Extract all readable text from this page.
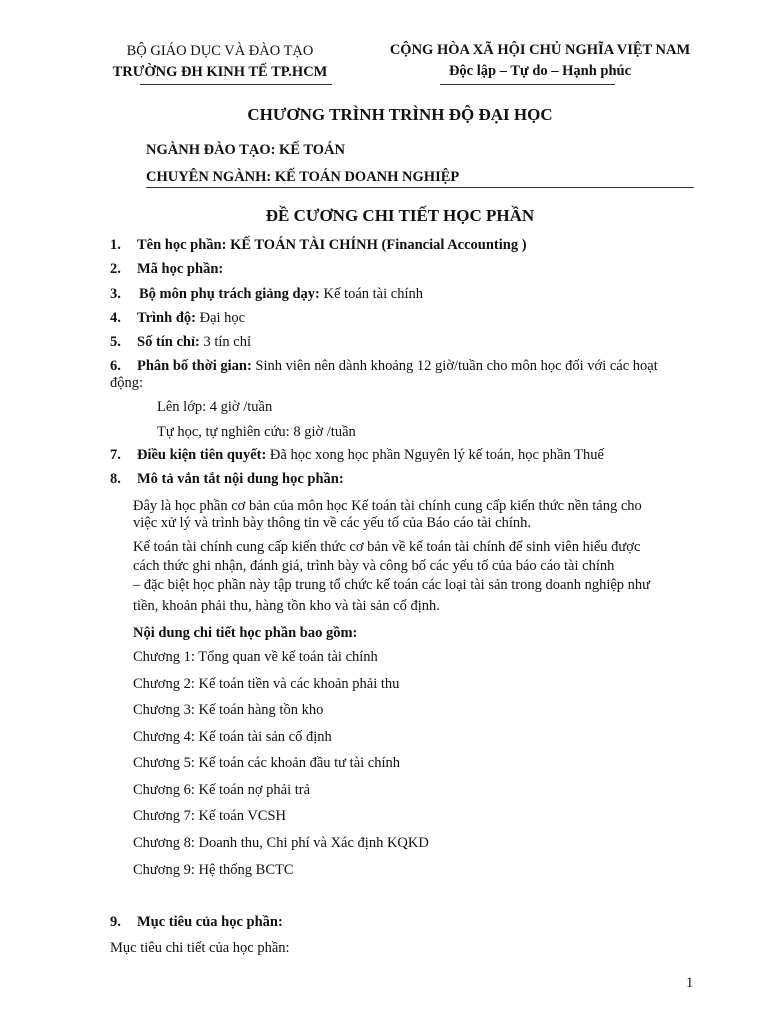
BỘ GIÁO DỤC VÀ ĐÀO TẠO
TRƯỜNG ĐH KINH TẾ TP.HCM
CỘNG HÒA XÃ HỘI CHỦ NGHĨA VIỆT NAM
Độc lập – Tự do – Hạnh phúc
CHƯƠNG TRÌNH TRÌNH ĐỘ ĐẠI HỌC
NGÀNH ĐÀO TẠO: KẾ TOÁN
CHUYÊN NGÀNH: KẾ TOÁN DOANH NGHIỆP
ĐỀ CƯƠNG CHI TIẾT HỌC PHẦN
1. Tên học phần: KẾ TOÁN TÀI CHÍNH (Financial Accounting )
2. Mã học phần:
3. Bộ môn phụ trách giảng dạy: Kế toán tài chính
4. Trình độ: Đại học
5. Số tín chỉ: 3 tín chỉ
6. Phân bố thời gian: Sinh viên nên dành khoảng 12 giờ/tuần cho môn học đối với các hoạt
động:
Lên lớp: 4 giờ /tuần
Tự học, tự nghiên cứu: 8 giờ /tuần
7. Điều kiện tiên quyết: Đã học xong học phần Nguyên lý kế toán, học phần Thuế
8. Mô tả vắn tắt nội dung học phần:
Đây là học phần cơ bản của môn học Kế toán tài chính cung cấp kiến thức nền tảng cho
việc xử lý và trình bày thông tin về các yếu tố của Báo cáo tài chính.
Kế toán tài chính cung cấp kiến thức cơ bản về kế toán tài chính để sinh viên hiểu được
cách thức ghi nhận, đánh giá, trình bày và công bố các yếu tố của báo cáo tài chính
– đặc biệt học phần này tập trung tổ chức kế toán các loại tài sản trong doanh nghiệp như
tiền, khoản phải thu, hàng tồn kho và tài sản cố định.
Nội dung chi tiết học phần bao gồm:
Chương 1: Tổng quan về kế toán tài chính
Chương 2: Kế toán tiền và các khoản phải thu
Chương 3: Kế toán hàng tồn kho
Chương 4: Kế toán tài sản cố định
Chương 5: Kế toán các khoản đầu tư tài chính
Chương 6: Kế toán nợ phải trả
Chương 7: Kế toán VCSH
Chương 8: Doanh thu, Chi phí và Xác định KQKD
Chương 9: Hệ thống BCTC
9. Mục tiêu của học phần:
Mục tiêu chi tiết của học phần:
1
